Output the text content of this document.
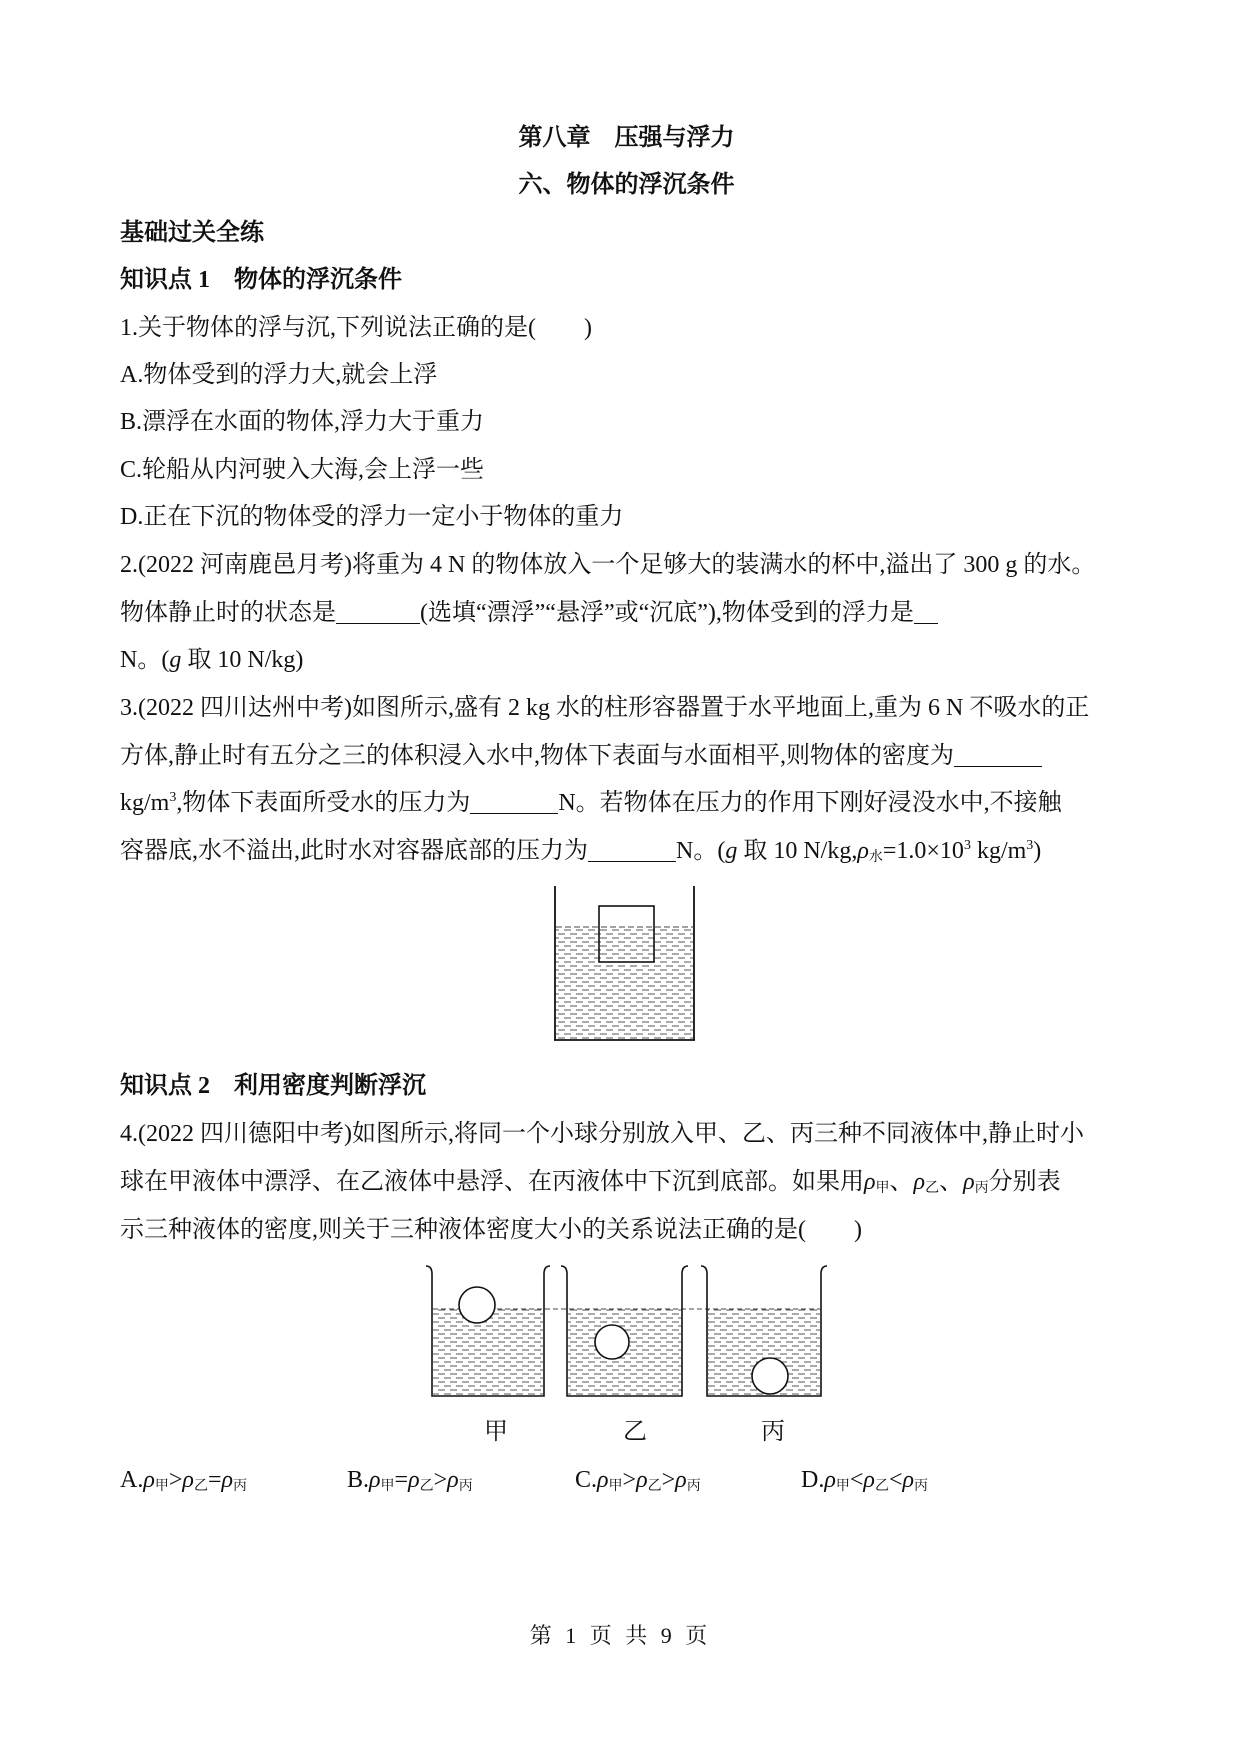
第八章　压强与浮力
六、物体的浮沉条件
基础过关全练
知识点 1 物体的浮沉条件
1.关于物体的浮与沉,下列说法正确的是(　　)
A.物体受到的浮力大,就会上浮
B.漂浮在水面的物体,浮力大于重力
C.轮船从内河驶入大海,会上浮一些
D.正在下沉的物体受的浮力一定小于物体的重力
2.(2022 河南鹿邑月考)将重为 4 N 的物体放入一个足够大的装满水的杯中,溢出了 300 g 的水。
物体静止时的状态是	(选填“漂浮”“悬浮”或“沉底”),物体受到的浮力是
N。(g 取 10 N/kg)
3.(2022 四川达州中考)如图所示,盛有 2 kg 水的柱形容器置于水平地面上,重为 6 N 不吸水的正
方体,静止时有五分之三的体积浸入水中,物体下表面与水面相平,则物体的密度为
$kg/m^3$,物体下表面所受水的压力为	N。若物体在压力的作用下刚好浸没水中,不接触
容器底,水不溢出,此时水对容器底部的压力为	N。(g 取 10 $N/kg,\rho_水=1.0\times 10^3$ $kg/m^3$)
知识点 2 利用密度判断浮沉
4.(2022 四川德阳中考)如图所示,将同一个小球分别放入甲、乙、丙三种不同液体中,静止时小
球在甲液体中漂浮、在乙液体中悬浮、在丙液体中下沉到底部。如果用$\rho_甲$、$\rho_乙$、$\rho_丙$分别表
示三种液体的密度,则关于三种液体密度大小的关系说法正确的是(　　)
甲	乙	丙
$A.\rho_甲>\rho_乙=\rho_丙$	$B.\rho_甲=\rho_乙>\rho_丙$	$C.\rho_甲>\rho_乙>\rho_丙$	$D.\rho_甲<\rho_乙<\rho_丙$
第 1 页 共 9 页
